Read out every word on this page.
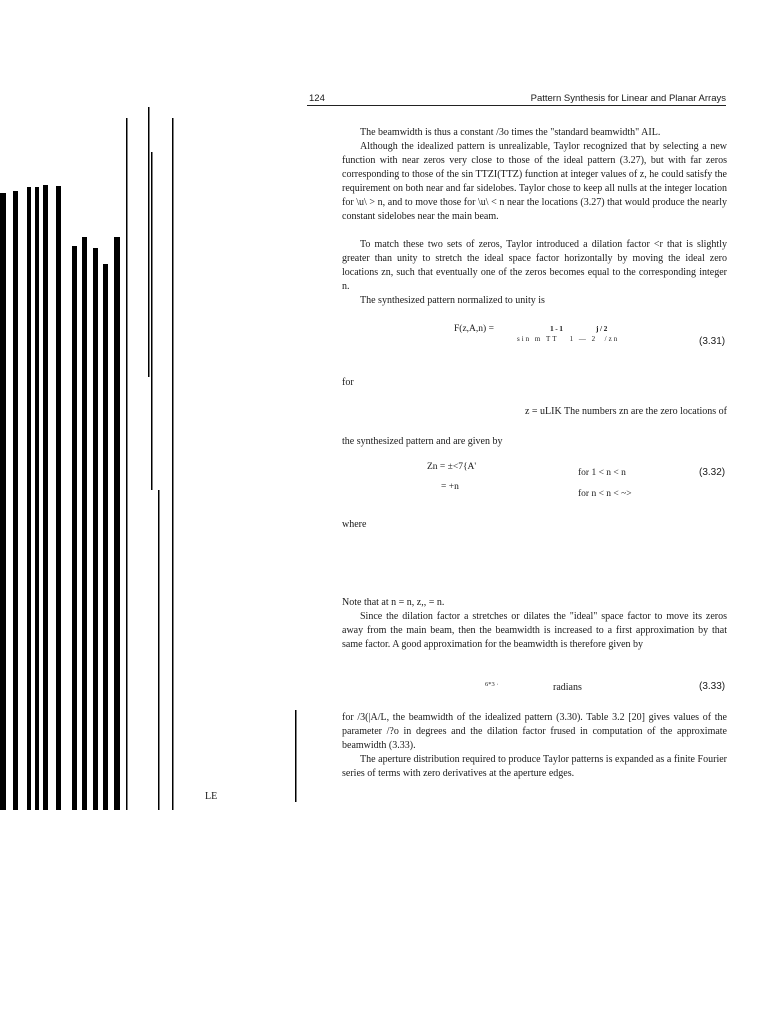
124	Pattern Synthesis for Linear and Planar Arrays

The beamwidth is thus a constant /3o times the "standard beamwidth" AIL.

Although the idealized pattern is unrealizable, Taylor recognized that by selecting a new function with near zeros very close to those of the ideal pattern (3.27), but with far zeros corresponding to those of the sin TTZI(TTZ) function at integer values of z, he could satisfy the requirement on both near and far sidelobes. Taylor chose to keep all nulls at the integer location for \u\ > n, and to move those for \u\ < n near the locations (3.27) that would produce the nearly constant sidelobes near the main beam.

To match these two sets of zeros, Taylor introduced a dilation factor <r that is slightly greater than unity to stretch the ideal space factor horizontally by moving the ideal zero locations zn, such that eventually one of the zeros becomes equal to the corresponding integer n.

The synthesized pattern normalized to unity is

F(z,A,n) =	1-1	j/2
sin m TT   1 — 2  /zn	(3.31)

for

z = uLIK The numbers zn are the zero locations of

the synthesized pattern and are given by

Zn = ±<7{A'
= +n
for 1 < n < n
for n < n < ~>
(3.32)

where

Note that at n = n, z,, = n.

Since the dilation factor a stretches or dilates the "ideal" space factor to move its zeros away from the main beam, then the beamwidth is increased to a first approximation by that same factor. A good approximation for the beamwidth is therefore given by

6*3 ·	radians	(3.33)

for /3(|A/L, the beamwidth of the idealized pattern (3.30). Table 3.2 [20] gives values of the parameter /?o in degrees and the dilation factor frused in computation of the approximate beamwidth (3.33).

The aperture distribution required to produce Taylor patterns is expanded as a finite Fourier series of terms with zero derivatives at the aperture edges.

LE
